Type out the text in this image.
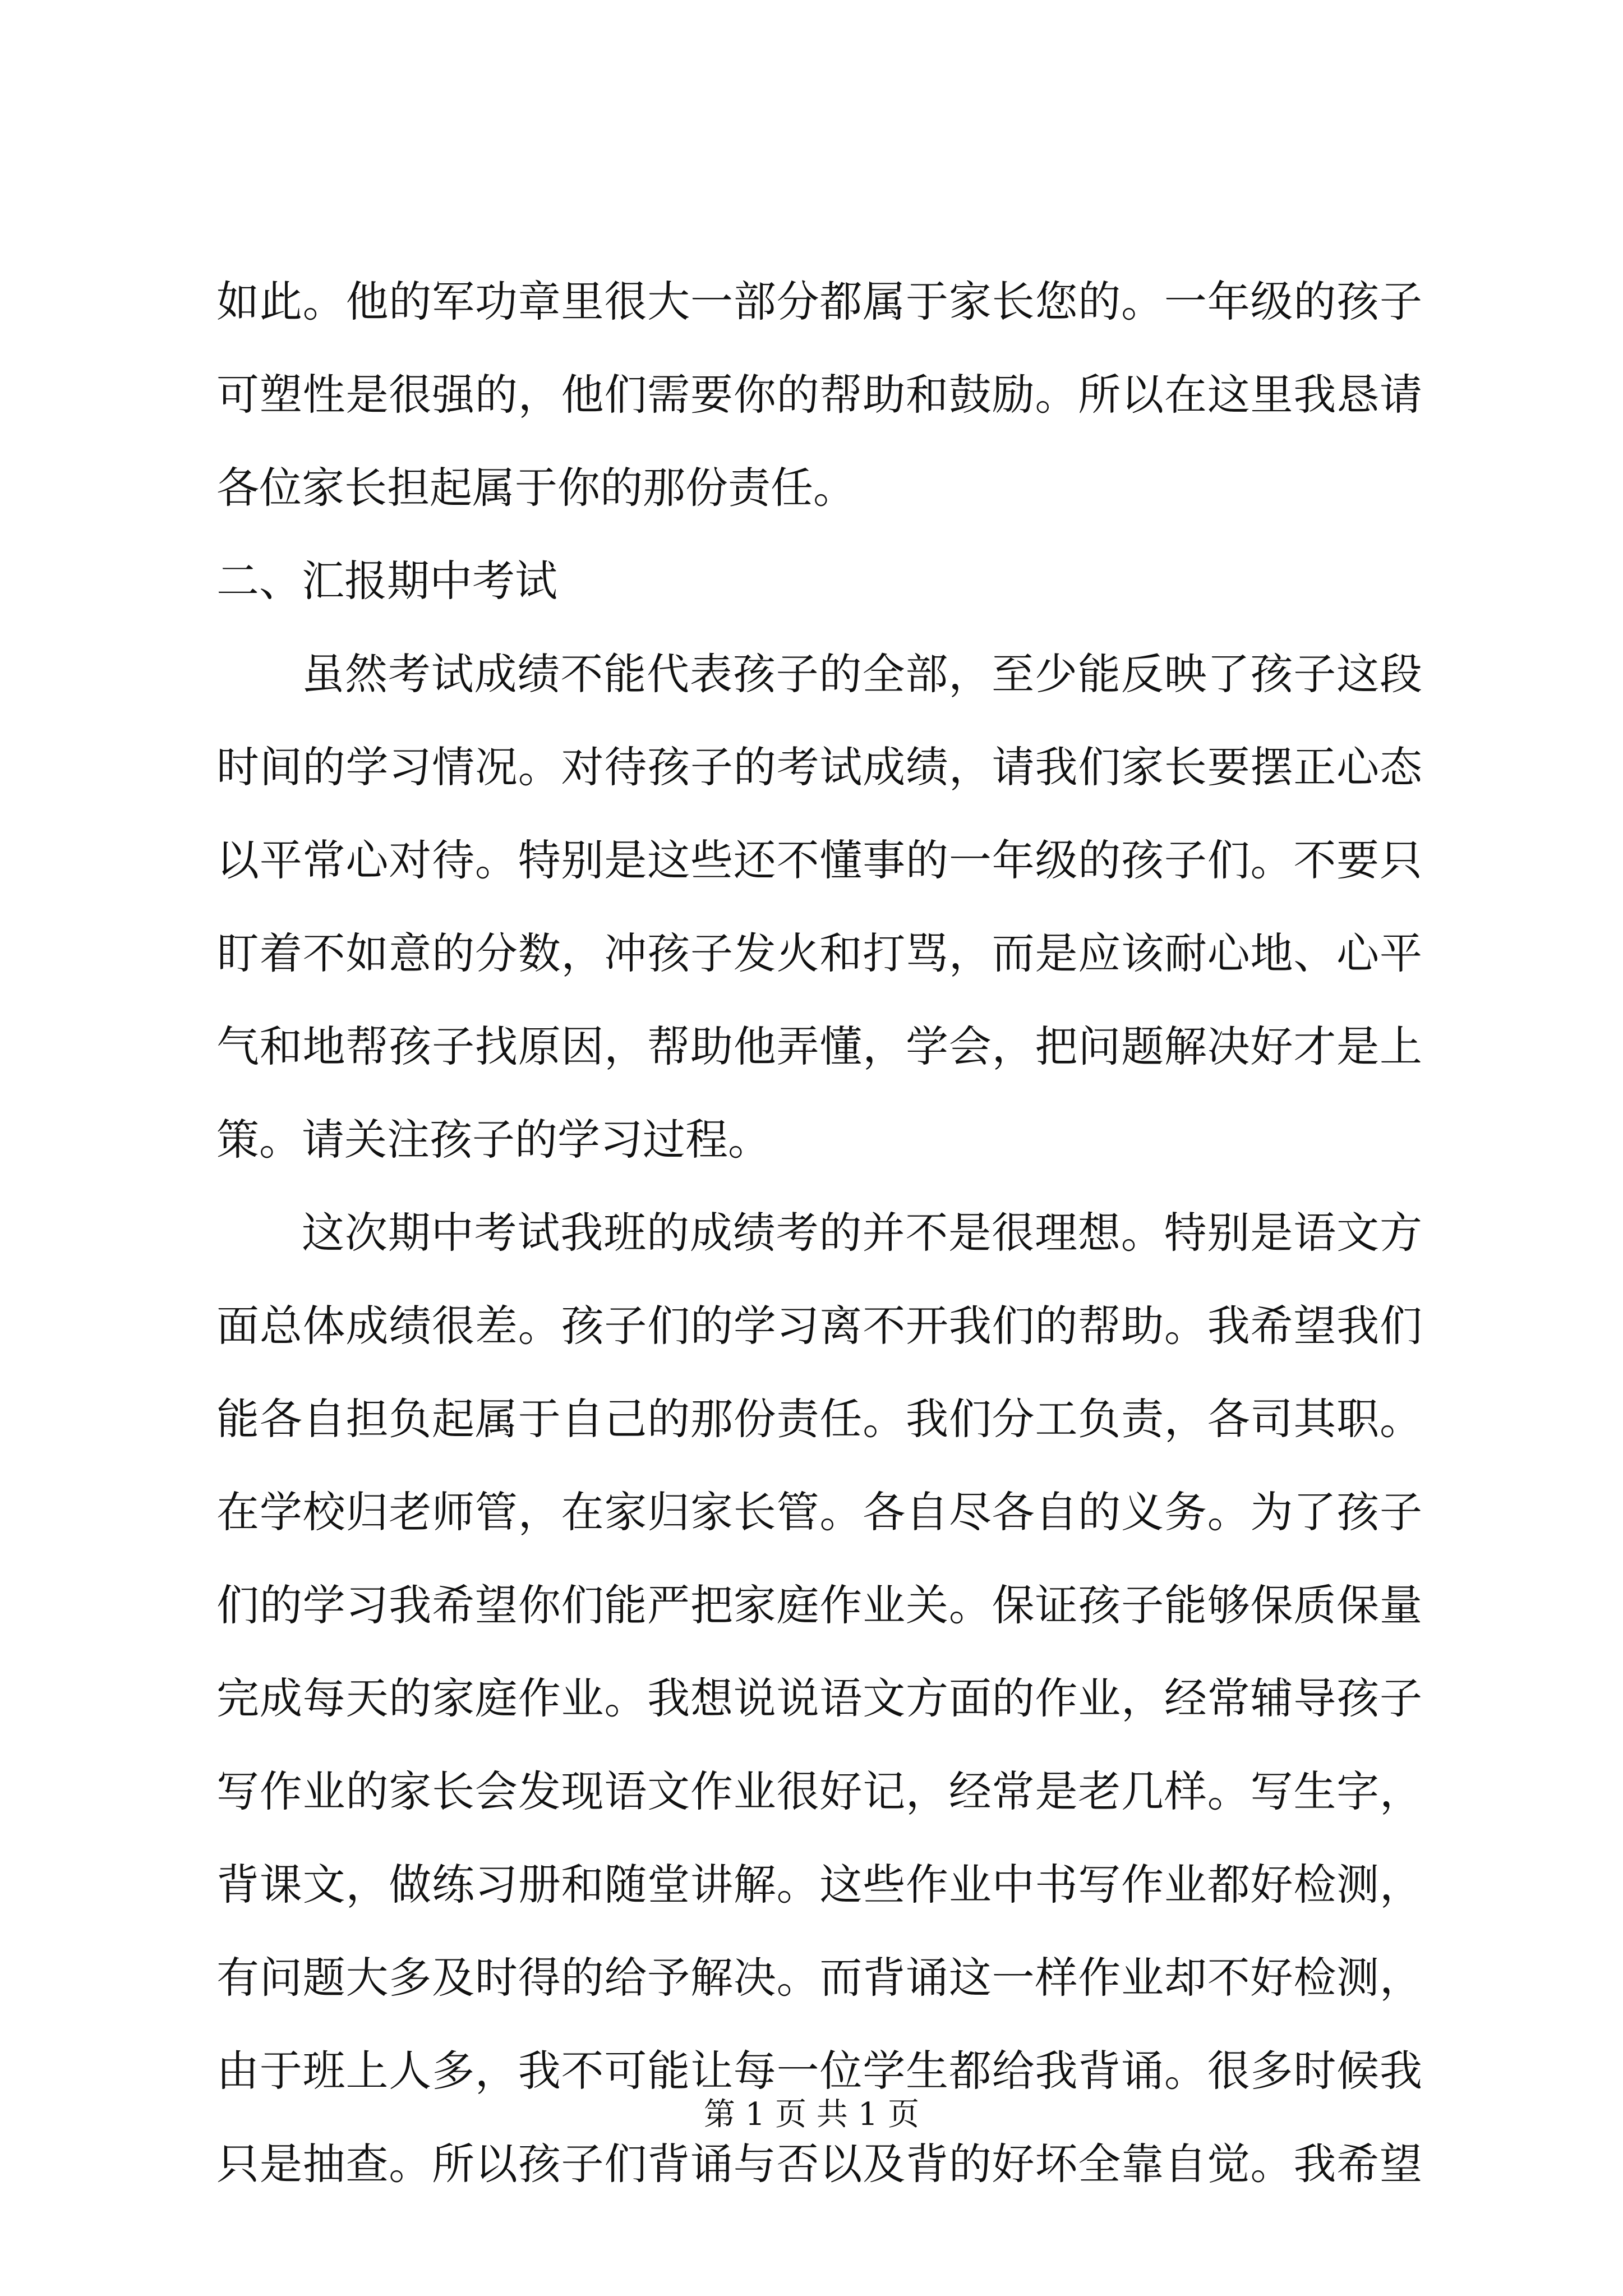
如此。他的军功章里很大一部分都属于家长您的。一年级的孩子

可塑性是很强的，他们需要你的帮助和鼓励。所以在这里我恳请

各位家长担起属于你的那份责任。

二、汇报期中考试

虽然考试成绩不能代表孩子的全部，至少能反映了孩子这段

时间的学习情况。对待孩子的考试成绩，请我们家长要摆正心态

以平常心对待。特别是这些还不懂事的一年级的孩子们。不要只

盯着不如意的分数，冲孩子发火和打骂，而是应该耐心地、心平

气和地帮孩子找原因，帮助他弄懂，学会，把问题解决好才是上

策。请关注孩子的学习过程。

这次期中考试我班的成绩考的并不是很理想。特别是语文方

面总体成绩很差。孩子们的学习离不开我们的帮助。我希望我们

能各自担负起属于自己的那份责任。我们分工负责，各司其职。

在学校归老师管，在家归家长管。各自尽各自的义务。为了孩子

们的学习我希望你们能严把家庭作业关。保证孩子能够保质保量

完成每天的家庭作业。我想说说语文方面的作业，经常辅导孩子

写作业的家长会发现语文作业很好记，经常是老几样。写生字，

背课文，做练习册和随堂讲解。这些作业中书写作业都好检测，

有问题大多及时得的给予解决。而背诵这一样作业却不好检测，

由于班上人多，我不可能让每一位学生都给我背诵。很多时候我

只是抽查。所以孩子们背诵与否以及背的好坏全靠自觉。我希望

第 1 页 共 1 页
